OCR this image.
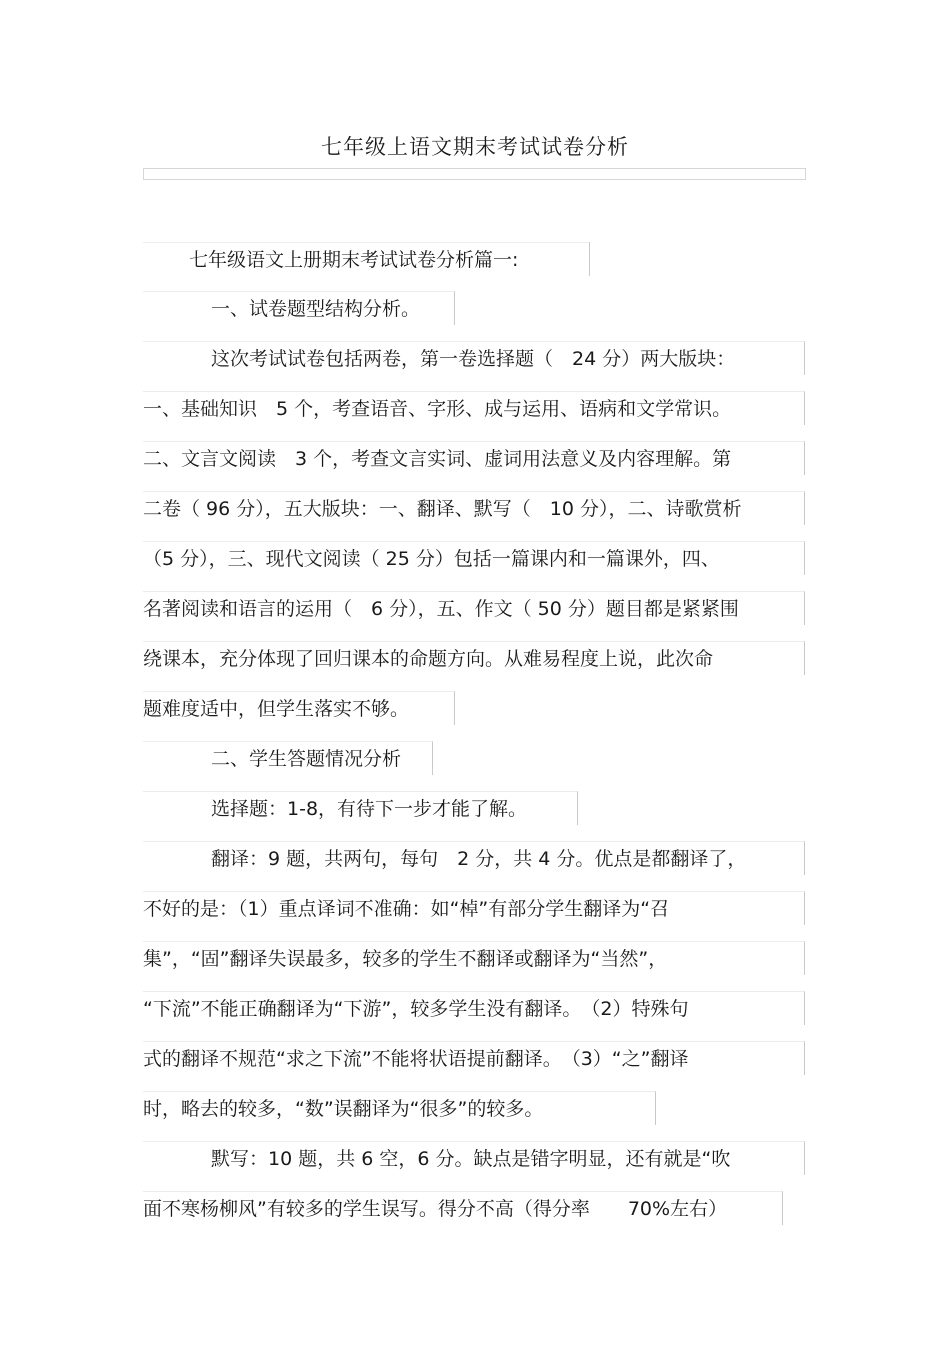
七年级上语文期末考试试卷分析
七年级语文上册期末考试试卷分析篇一:
一、试卷题型结构分析。
这次考试试卷包括两卷，第一卷选择题（　24 分）两大版块：
一、基础知识　5 个，考查语音、字形、成与运用、语病和文学常识。
二、文言文阅读　3 个，考查文言实词、虚词用法意义及内容理解。第
二卷（ 96 分），五大版块：一、翻译、默写（　10 分），二、诗歌赏析
（5 分），三、现代文阅读（ 25 分）包括一篇课内和一篇课外，四、
名著阅读和语言的运用（　6 分），五、作文（ 50 分）题目都是紧紧围
绕课本，充分体现了回归课本的命题方向。从难易程度上说，此次命
题难度适中，但学生落实不够。
二、学生答题情况分析
选择题：1-8，有待下一步才能了解。
翻译：9 题，共两句，每句　2 分，共 4 分。优点是都翻译了，
不好的是：（1）重点译词不准确：如“棹”有部分学生翻译为“召
集”，“固”翻译失误最多，较多的学生不翻译或翻译为“当然”，
“下流”不能正确翻译为“下游”，较多学生没有翻译。　（2）特殊句
式的翻译不规范“求之下流”不能将状语提前翻译。　（3）“之”翻译
时，略去的较多，“数”误翻译为“很多”的较多。
默写：10 题，共 6 空，6 分。缺点是错字明显，还有就是“吹
面不寒杨柳风”有较多的学生误写。得分不高（得分率　　70%左右）
